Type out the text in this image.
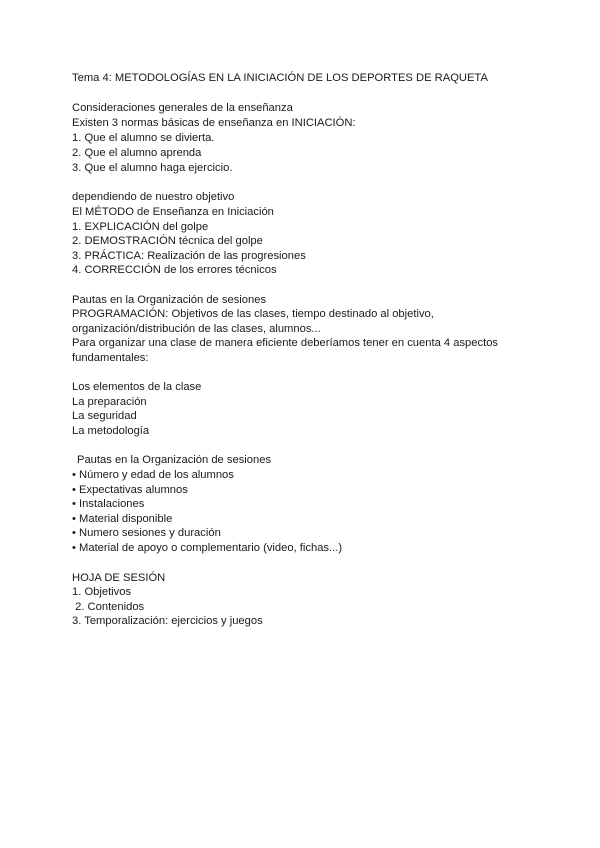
Tema 4: METODOLOGÍAS EN LA INICIACIÓN DE LOS DEPORTES DE RAQUETA
Consideraciones generales de la enseñanza
Existen 3 normas básicas de enseñanza en INICIACIÓN:
1. Que el alumno se divierta.
2. Que el alumno aprenda
3. Que el alumno haga ejercicio.
dependiendo de nuestro objetivo
El MÉTODO de Enseñanza en Iniciación
1. EXPLICACIÓN del golpe
2. DEMOSTRACIÓN técnica del golpe
3. PRÁCTICA: Realización de las progresiones
4. CORRECCIÓN de los errores técnicos
Pautas en la Organización de sesiones
PROGRAMACIÓN: Objetivos de las clases, tiempo destinado al objetivo,
organización/distribución de las clases, alumnos...
Para organizar una clase de manera eficiente deberíamos tener en cuenta 4 aspectos
fundamentales:
Los elementos de la clase
La preparación
La seguridad
La metodología
Pautas en la Organización de sesiones
• Número y edad de los alumnos
• Expectativas alumnos
• Instalaciones
• Material disponible
• Numero sesiones y duración
• Material de apoyo o complementario (video, fichas...)
HOJA DE SESIÓN
1. Objetivos
2. Contenidos
3. Temporalización: ejercicios y juegos
